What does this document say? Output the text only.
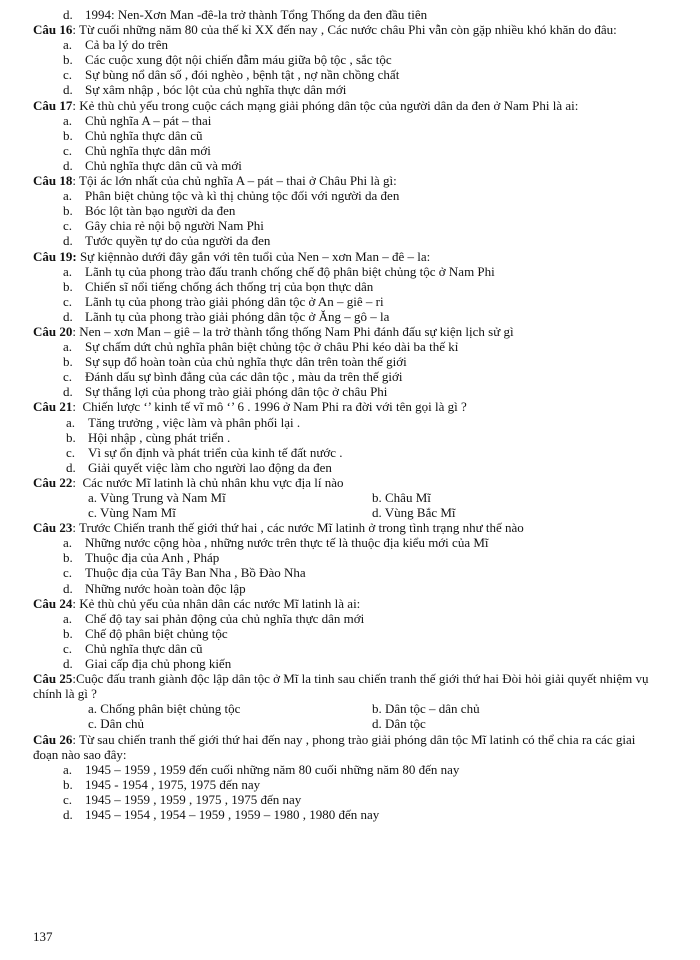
d. 1994: Nen-Xơn Man -đê-la trở thành Tổng Thống da đen đầu tiên
Câu 16: Từ cuối những năm 80 của thế kỉ XX đến nay , Các nước châu Phi vẫn còn gặp nhiều khó khăn do đâu:
a. Cả ba lý do trên
b. Các cuộc xung đột nội chiến đẫm máu giữa bộ tộc , sắc tộc
c. Sự bùng nổ dân số , đói nghèo , bệnh tật , nợ nần chồng chất
d. Sự xâm nhập , bóc lột của chủ nghĩa thực dân mới
Câu 17: Kẻ thù chủ yếu trong cuộc cách mạng giải phóng dân tộc của người dân da đen ở Nam Phi là ai:
a. Chủ nghĩa A – pát – thai
b. Chủ nghĩa thực dân cũ
c. Chủ nghĩa thực dân mới
d. Chủ nghĩa thực dân cũ và mới
Câu 18: Tội ác lớn nhất của chủ nghĩa A – pát – thai ở Châu Phi là gì:
a. Phân biệt chủng tộc và kì thị chủng tộc đối với người da đen
b. Bóc lột tàn bạo người da đen
c. Gây chia rẻ nội bộ người Nam Phi
d. Tước quyền tự do của người da đen
Câu 19: Sự kiệnnào dưới đây gắn với tên tuổi của Nen – xơn Man – đê – la:
a. Lãnh tụ của phong trào đấu tranh chống chế độ phân biệt chủng tộc ở Nam Phi
b. Chiến sĩ nổi tiếng chống ách thống trị của bọn thực dân
c. Lãnh tụ của phong trào giải phóng dân tộc ở An – giê – ri
d. Lãnh tụ của phong trào giải phóng dân tộc ở Ăng – gô – la
Câu 20: Nen – xơn Man – giê – la trở thành tổng thống Nam Phi đánh đấu sự kiện lịch sử gì
a. Sự chấm dứt chủ nghĩa phân biệt chủng tộc ở châu Phi kéo dài ba thế kỉ
b. Sự sụp đổ hoàn toàn của chủ nghĩa thực dân trên toàn thế giới
c. Đánh dấu sự bình đẳng của các dân tộc , màu da trên thế giới
d. Sự thắng lợi của phong trào giải phóng dân tộc ở châu Phi
Câu 21:  Chiến lược ‘’ kinh tế vĩ mô ‘’ 6 . 1996 ở Nam Phi ra đời với tên gọi là gì ?
a. Tăng trưởng , việc làm và phân phối lại .
b. Hội nhập , cùng phát triển .
c. Vì sự ổn định và phát triển của kinh tế đất nước .
d. Giải quyết việc làm cho người lao động da đen
Câu 22:  Các nước Mĩ latinh là chủ nhân khu vực địa lí nào
a. Vùng Trung và Nam Mĩ	b. Châu Mĩ
c. Vùng Nam Mĩ	d. Vùng Bắc Mĩ
Câu 23: Trước Chiến tranh thế giới thứ hai , các nước Mĩ latinh ở trong tình trạng như thế nào
a. Những nước cộng hòa , những nước trên thực tế là thuộc địa kiểu mới của Mĩ
b. Thuộc địa của Anh , Pháp
c. Thuộc địa của Tây Ban Nha , Bồ Đào Nha
d. Những nước hoàn toàn độc lập
Câu 24: Kẻ thù chủ yếu của nhân dân các nước Mĩ latinh là ai:
a. Chế độ tay sai phản động của chủ nghĩa thực dân mới
b. Chế độ phân biệt chủng tộc
c. Chủ nghĩa thực dân cũ
d. Giai cấp địa chủ phong kiến
Câu 25:Cuộc đấu tranh giành độc lập dân tộc ở Mĩ la tinh sau chiến tranh thế giới thứ hai Đòi hỏi giải quyết nhiệm vụ chính là gì ?
a. Chống phân biệt chủng tộc	b. Dân tộc – dân chủ
c. Dân chủ	d. Dân tộc
Câu 26: Từ sau chiến tranh thế giới thứ hai đến nay , phong trào giải phóng dân tộc Mĩ latinh có thể chia ra các giai đoạn nào sao đây:
a. 1945 – 1959 , 1959 đến cuối những năm 80 cuối những năm 80 đến nay
b. 1945 - 1954 , 1975, 1975 đến nay
c. 1945 – 1959 , 1959 , 1975 , 1975 đến nay
d. 1945 – 1954 , 1954 – 1959 , 1959 – 1980 , 1980 đến nay
137
